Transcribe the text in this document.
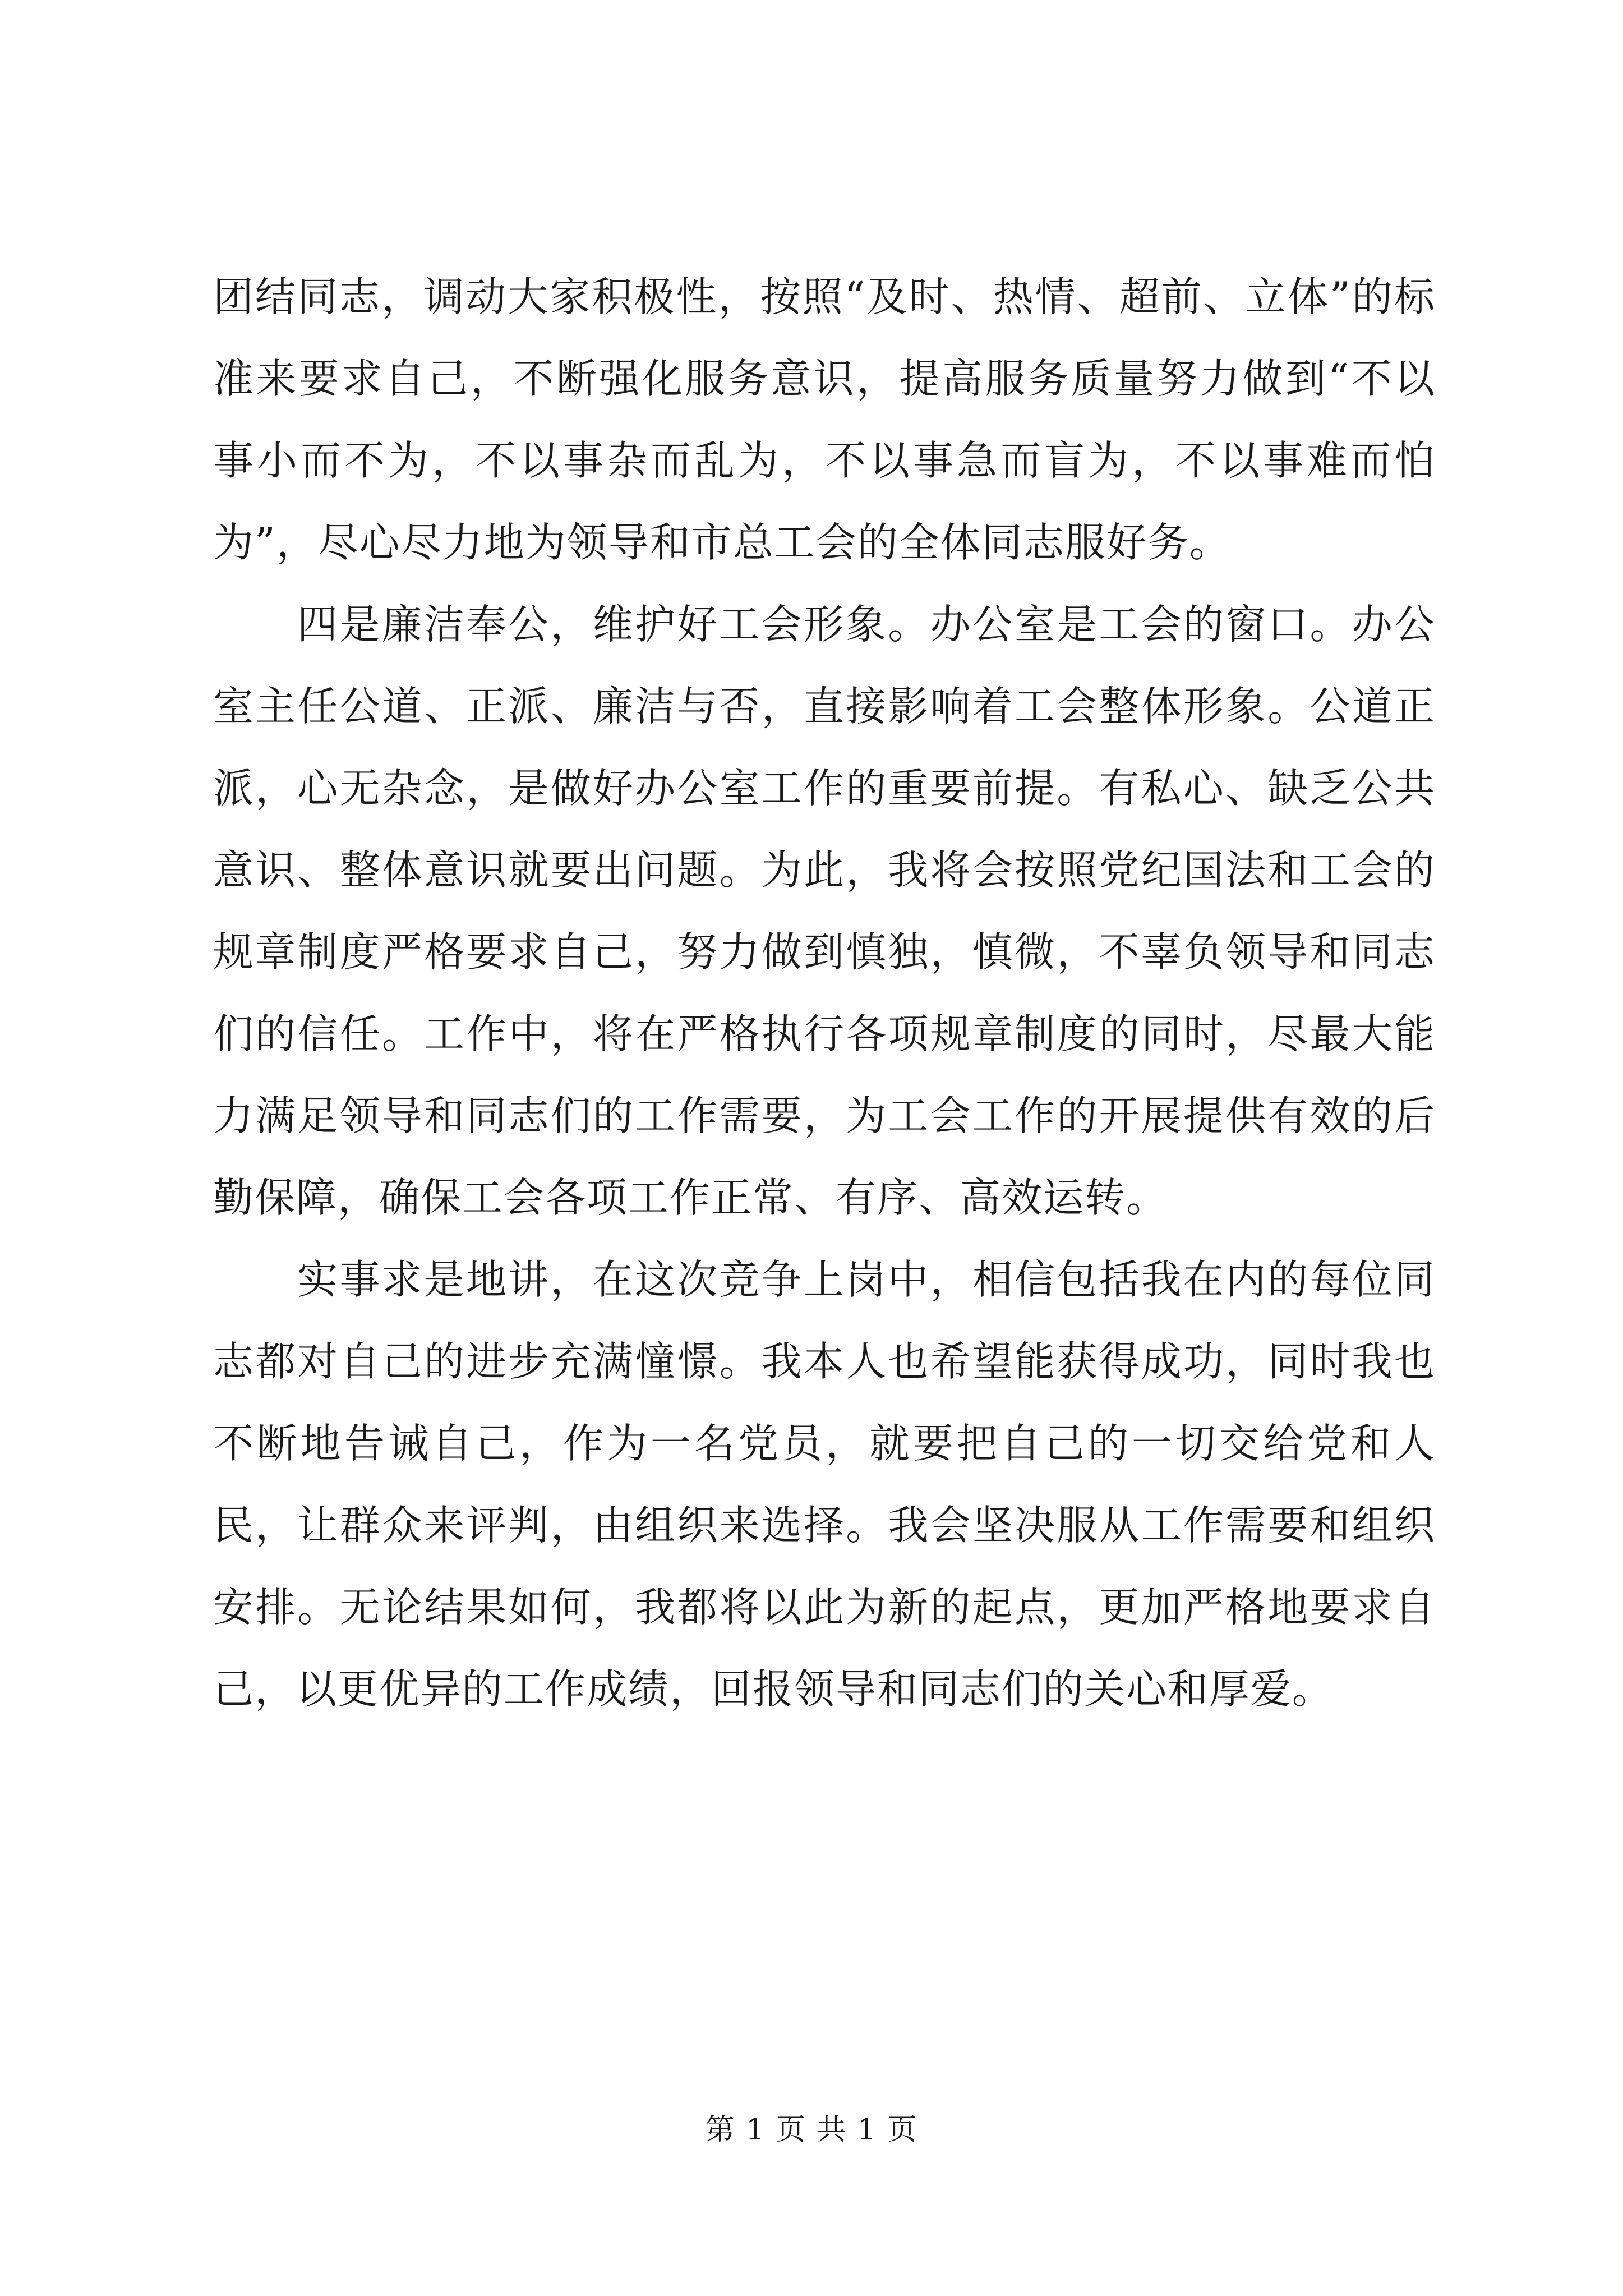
团结同志，调动大家积极性，按照“及时、热情、超前、立体”的标准来要求自己，不断强化服务意识，提高服务质量努力做到“不以事小而不为，不以事杂而乱为，不以事急而盲为，不以事难而怕为”，尽心尽力地为领导和市总工会的全体同志服好务。

四是廉洁奉公，维护好工会形象。办公室是工会的窗口。办公室主任公道、正派、廉洁与否，直接影响着工会整体形象。公道正派，心无杂念，是做好办公室工作的重要前提。有私心、缺乏公共意识、整体意识就要出问题。为此，我将会按照党纪国法和工会的规章制度严格要求自己，努力做到慎独，慎微，不辜负领导和同志们的信任。工作中，将在严格执行各项规章制度的同时，尽最大能力满足领导和同志们的工作需要，为工会工作的开展提供有效的后勤保障，确保工会各项工作正常、有序、高效运转。

实事求是地讲，在这次竞争上岗中，相信包括我在内的每位同志都对自己的进步充满憧憬。我本人也希望能获得成功，同时我也不断地告诫自己，作为一名党员，就要把自己的一切交给党和人民，让群众来评判，由组织来选择。我会坚决服从工作需要和组织安排。无论结果如何，我都将以此为新的起点，更加严格地要求自己，以更优异的工作成绩，回报领导和同志们的关心和厚爱。

第 1 页 共 1 页
